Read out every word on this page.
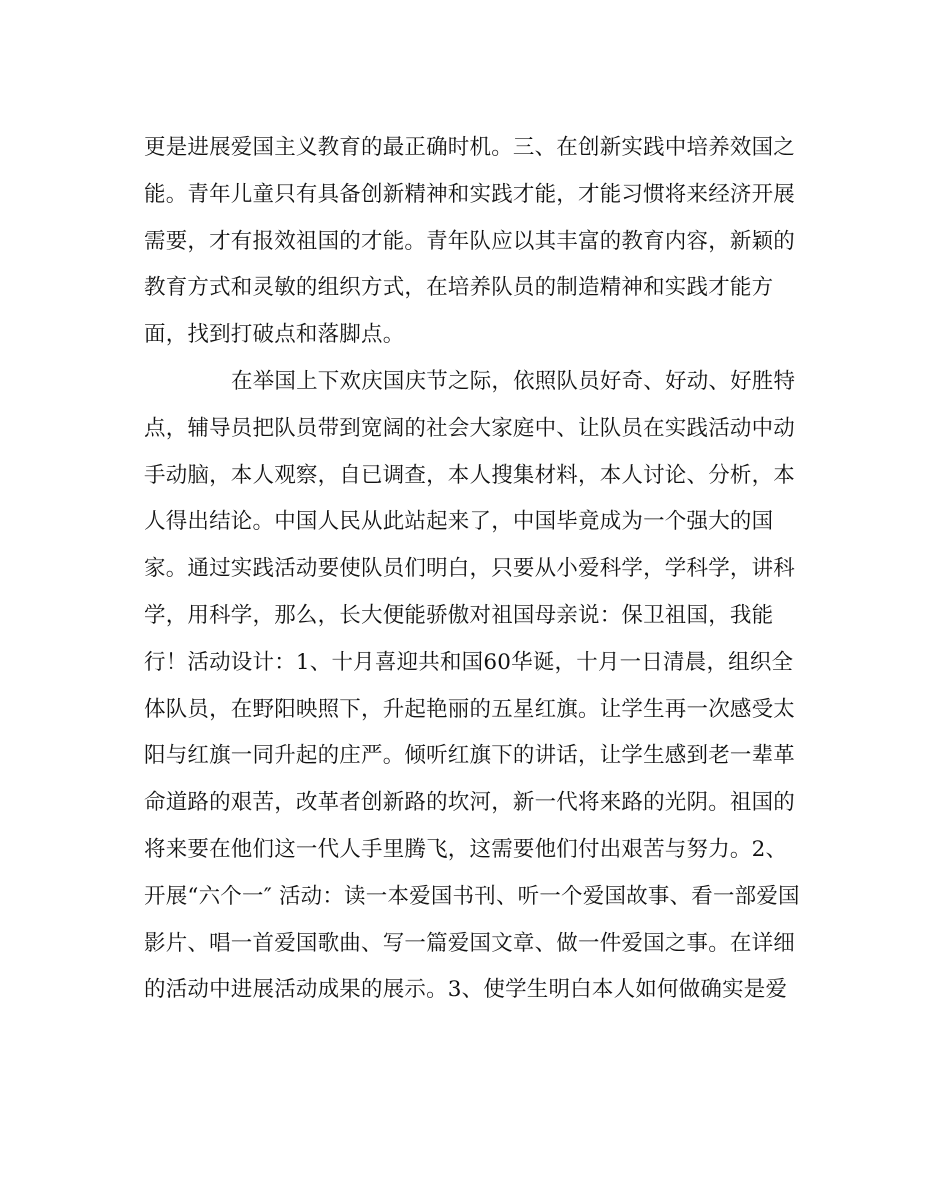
更是进展爱国主义教育的最正确时机。三、在创新实践中培养效国之
能。青年儿童只有具备创新精神和实践才能，才能习惯将来经济开展
需要，才有报效祖国的才能。青年队应以其丰富的教育内容，新颖的
教育方式和灵敏的组织方式，在培养队员的制造精神和实践才能方
面，找到打破点和落脚点。
在举国上下欢庆国庆节之际，依照队员好奇、好动、好胜特
点，辅导员把队员带到宽阔的社会大家庭中、让队员在实践活动中动
手动脑，本人观察，自已调查，本人搜集材料，本人讨论、分析，本
人得出结论。中国人民从此站起来了，中国毕竟成为一个强大的国
家。通过实践活动要使队员们明白，只要从小爱科学，学科学，讲科
学，用科学，那么，长大便能骄傲对祖国母亲说：保卫祖国，我能
行！活动设计：1、十月喜迎共和国60华诞，十月一日清晨，组织全
体队员，在野阳映照下，升起艳丽的五星红旗。让学生再一次感受太
阳与红旗一同升起的庄严。倾听红旗下的讲话，让学生感到老一辈革
命道路的艰苦，改革者创新路的坎河，新一代将来路的光阴。祖国的
将来要在他们这一代人手里腾飞，这需要他们付出艰苦与努力。2、
开展“六个一″ 活动：读一本爱国书刊、听一个爱国故事、看一部爱国
影片、唱一首爱国歌曲、写一篇爱国文章、做一件爱国之事。在详细
的活动中进展活动成果的展示。3、使学生明白本人如何做确实是爱
